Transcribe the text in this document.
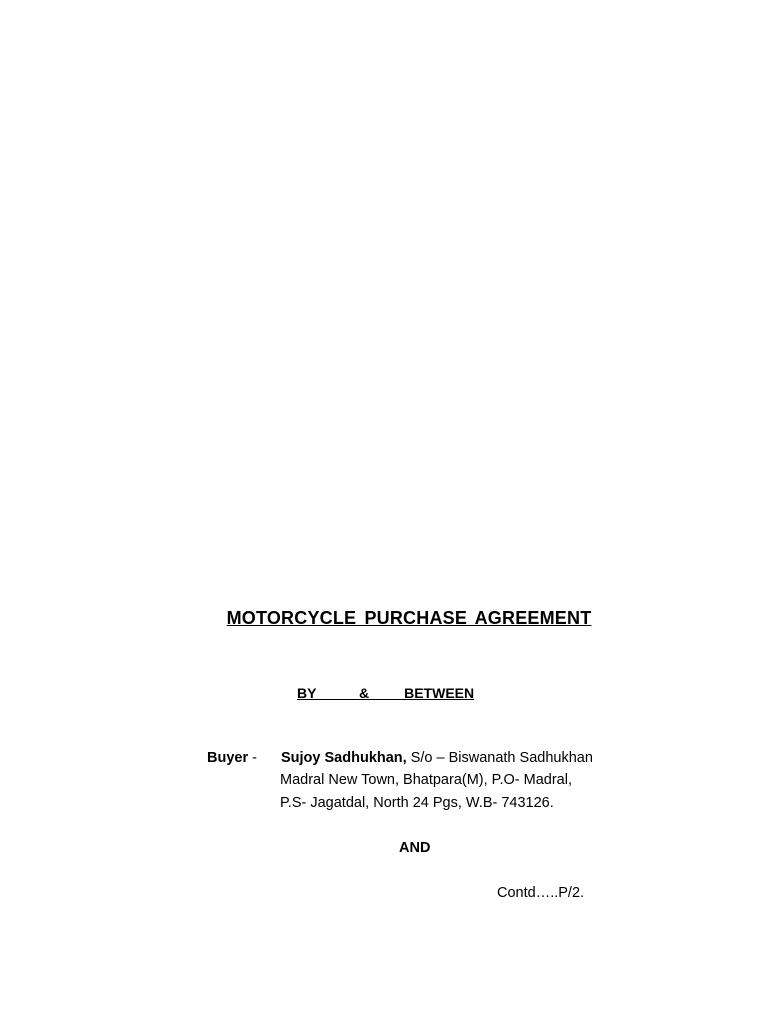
MOTORCYCLE PURCHASE AGREEMENT
BY           &         BETWEEN
Buyer - Sujoy Sadhukhan, S/o – Biswanath Sadhukhan
Madral New Town, Bhatpara(M), P.O- Madral,
P.S- Jagatdal, North 24 Pgs, W.B- 743126.
AND
Contd…..P/2.
